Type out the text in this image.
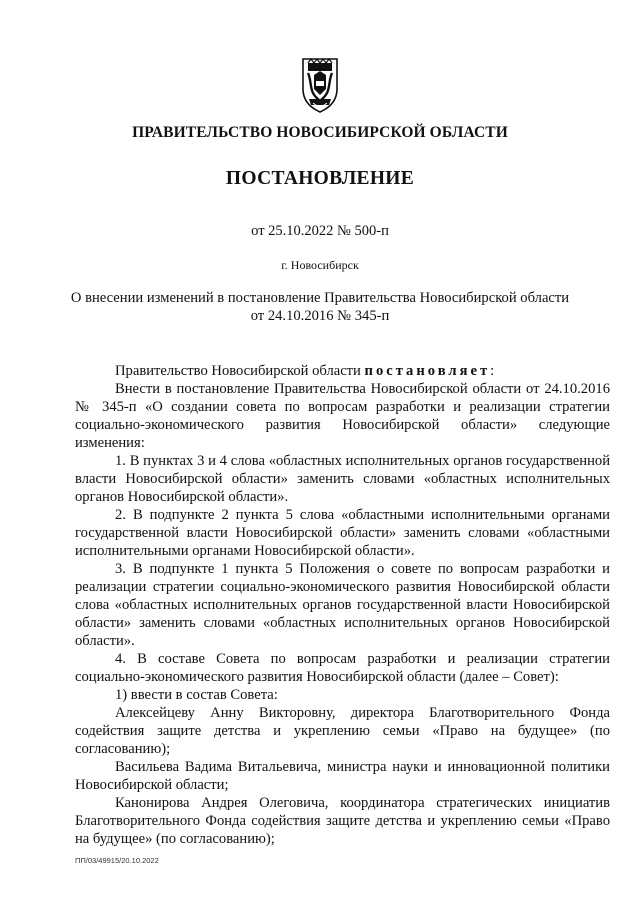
ПРАВИТЕЛЬСТВО НОВОСИБИРСКОЙ ОБЛАСТИ
ПОСТАНОВЛЕНИЕ
от 25.10.2022 № 500-п
г. Новосибирск
О внесении изменений в постановление Правительства Новосибирской области
от 24.10.2016 № 345-п

Правительство Новосибирской области постановляет:

Внести в постановление Правительства Новосибирской области от 24.10.2016 № 345-п «О создании совета по вопросам разработки и реализации стратегии социально-экономического развития Новосибирской области» следующие изменения:

1. В пунктах 3 и 4 слова «областных исполнительных органов государственной власти Новосибирской области» заменить словами «областных исполнительных органов Новосибирской области».

2. В подпункте 2 пункта 5 слова «областными исполнительными органами государственной власти Новосибирской области» заменить словами «областными исполнительными органами Новосибирской области».

3. В подпункте 1 пункта 5 Положения о совете по вопросам разработки и реализации стратегии социально-экономического развития Новосибирской области слова «областных исполнительных органов государственной власти Новосибирской области» заменить словами «областных исполнительных органов Новосибирской области».

4. В составе Совета по вопросам разработки и реализации стратегии социально-экономического развития Новосибирской области (далее – Совет):

1) ввести в состав Совета:

Алексейцеву Анну Викторовну, директора Благотворительного Фонда содействия защите детства и укреплению семьи «Право на будущее» (по согласованию);

Васильева Вадима Витальевича, министра науки и инновационной политики Новосибирской области;

Канонирова Андрея Олеговича, координатора стратегических инициатив Благотворительного Фонда содействия защите детства и укреплению семьи «Право на будущее» (по согласованию);

ПП/03/49915/20.10.2022
